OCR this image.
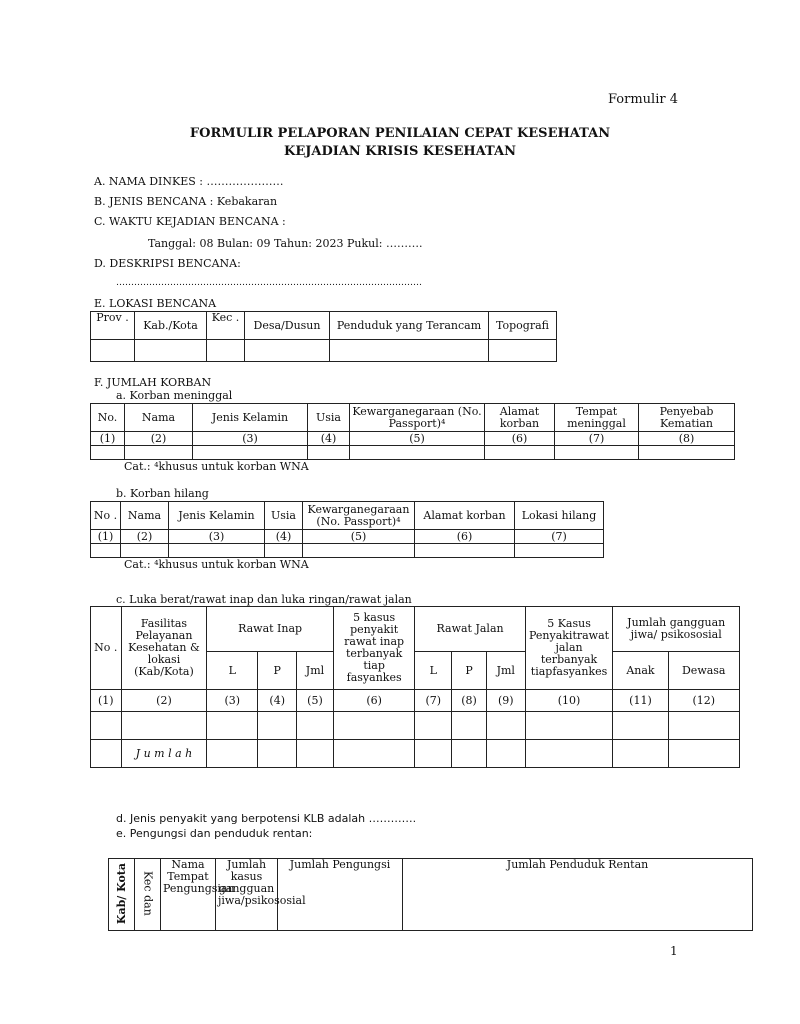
Formulir 4
FORMULIR PELAPORAN PENILAIAN CEPAT KESEHATAN
KEJADIAN KRISIS KESEHATAN
A. NAMA DINKES : …………………
B. JENIS BENCANA : Kebakaran
C. WAKTU KEJADIAN BENCANA :
Tanggal: 08 Bulan: 09 Tahun: 2023 Pukul: ……….
D. DESKRIPSI BENCANA:
…………………………………………………………………………………………
E. LOKASI BENCANA
Prov .	Kab./Kota	Kec .	Desa/Dusun	Penduduk yang Terancam	Topografi

F. JUMLAH KORBAN
a. Korban meninggal
No.	Nama	Jenis Kelamin	Usia	Kewarganegaraan (No. Passport)⁴	Alamat korban	Tempat meninggal	Penyebab Kematian
(1)	(2)	(3)	(4)	(5)	(6)	(7)	(8)

Cat.: ⁴khusus untuk korban WNA
b. Korban hilang
No .	Nama	Jenis Kelamin	Usia	Kewarganegaraan (No. Passport)⁴	Alamat korban	Lokasi hilang
(1)	(2)	(3)	(4)	(5)	(6)	(7)

Cat.: ⁴khusus untuk korban WNA
c. Luka berat/rawat inap dan luka ringan/rawat jalan
No .	Fasilitas Pelayanan Kesehatan & lokasi (Kab/Kota)	Rawat Inap			5 kasus penyakit rawat inap terbanyak tiap fasyankes	Rawat Jalan			5 Kasus Penyakitrawat jalan terbanyak tiapfasyankes	Jumlah gangguan jiwa/ psikososial	
		L	P	Jml		L	P	Jml		Anak	Dewasa
(1)	(2)	(3)	(4)	(5)	(6)	(7)	(8)	(9)	(10)	(11)	(12)

	J u m l a h										
d. Jenis penyakit yang berpotensi KLB adalah ………….
e. Pengungsi dan penduduk rentan:
Kab/ Kota	Kec dan	Nama Tempat Pengungsian	Jumlah kasus gangguan jiwa/psikososial	Jumlah Pengungsi	Jumlah Penduduk Rentan
1
